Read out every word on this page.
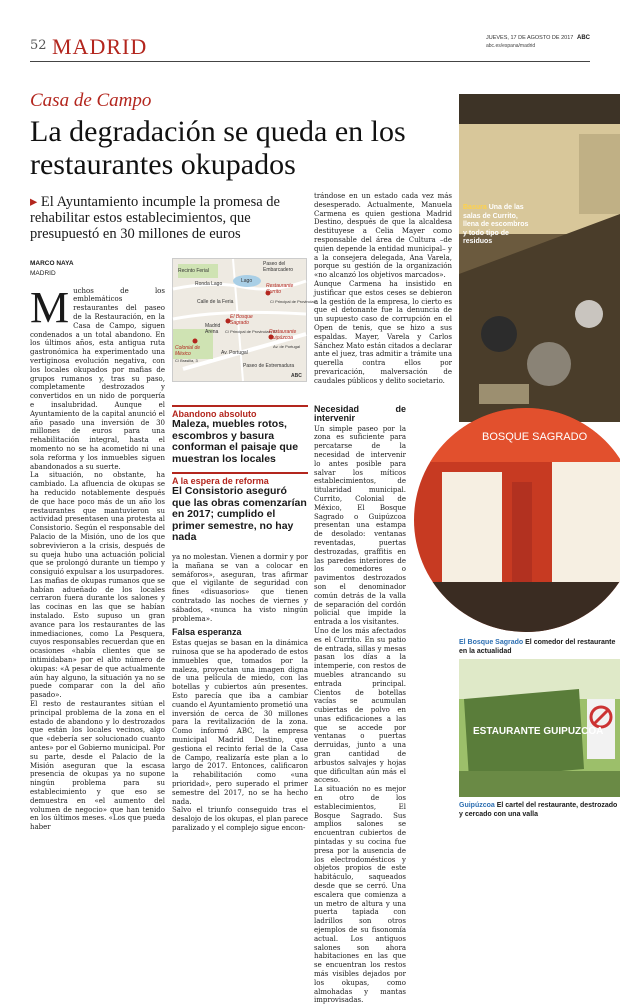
52 MADRID	JUEVES, 17 DE AGOSTO DE 2017 ABC
abc.es/espana/madrid
Casa de Campo
La degradación se queda en los restaurantes okupados
▸ El Ayuntamiento incumple la promesa de rehabilitar estos establecimientos, que presupuestó en 30 millones de euros
MARCO NAYA
MADRID
M uchos de los emblemáticos restaurantes del paseo de la Restauración, en la Casa de Campo, siguen condenados a un total abandono. En los últimos años, esta antigua ruta gastronómica ha experimentado una vertiginosa evolución negativa, con los locales okupados por mafias de grupos rumanos y, tras su paso, completamente destrozados y convertidos en un nido de porquería e insalubridad. Aunque el Ayuntamiento de la capital anunció el año pasado una inversión de 30 millones de euros para una rehabilitación integral, hasta el momento no se ha acometido ni una sola reforma y los inmuebles siguen abandonados a su suerte.
La situación, no obstante, ha cambiado. La afluencia de okupas se ha reducido notablemente después de que hace poco más de un año los restaurantes que mantuvieron su actividad presentasen una protesta al Consistorio. Según el responsable del Palacio de la Misión, uno de los que sobrevivieron a la crisis, después de su queja hubo una actuación policial que se prolongó durante un tiempo y consiguió expulsar a los usurpadores.
Las mafias de okupas rumanos que se habían adueñado de los locales cerraron fuera durante los salones y las cocinas en las que se habían instalado. Esto supuso un gran avance para los restaurantes de las inmediaciones, como La Pesquera, cuyos responsables recuerdan que en ocasiones «había clientes que se intimidaban» por el alto número de okupas: «A pesar de que actualmente aún hay alguno, la situación ya no se puede comparar con la del año pasado».
El resto de restaurantes sitúan el principal problema de la zona en el estado de abandono y lo destrozados que están los locales vecinos, algo que «debería ser solucionado cuanto antes» por el Gobierno municipal. Por su parte, desde el Palacio de la Misión aseguran que la escasa presencia de okupas ya no supone ningún problema para su establecimiento y que eso se demuestra en «el aumento del volumen de negocio» que han tenido en los últimos meses. «Los que pueda haber
Recinto Ferial
Paseo del Embarcadero
Ronda Lago	Lago
Calle de la Feria
Restaurante Currito
C/ Principal de Provincias
El Bosque Sagrado
C/ Principal de Provincias, 32
Restaurante Guipúzcoa
Av. de Portugal
Colonial de México
C/ Brasilia, 3
Madrid Arena
Av. Portugal
Paseo de Extremadura
ABC
Abandono absoluto
Maleza, muebles rotos, escombros y basura conforman el paisaje que muestran los locales
A la espera de reforma
El Consistorio aseguró que las obras comenzarían en 2017; cumplido el primer semestre, no hay nada
ya no molestan. Vienen a dormir y por la mañana se van a colocar en semáforos», aseguran, tras afirmar que el vigilante de seguridad con fines «disuasorios» que tienen contratado las noches de viernes y sábados, «nunca ha visto ningún problema».
Falsa esperanza
Estas quejas se basan en la dinámica ruinosa que se ha apoderado de estos inmuebles que, tomados por la maleza, proyectan una imagen digna de una película de miedo, con las botellas y cubiertos aún presentes. Esto parecía que iba a cambiar cuando el Ayuntamiento prometió una inversión de cerca de 30 millones para la revitalización de la zona. Como informó ABC, la empresa municipal Madrid Destino, que gestiona el recinto ferial de la Casa de Campo, realizaría este plan a lo largo de 2017. Entonces, calificaron la rehabilitación como «una prioridad», pero superado el primer semestre del 2017, no se ha hecho nada.
Salvo el triunfo conseguido tras el desalojo de los okupas, el plan parece paralizado y el complejo sigue encon-
trándose en un estado cada vez más desesperado. Actualmente, Manuela Carmena es quien gestiona Madrid Destino, después de que la alcaldesa destituyese a Celia Mayer como responsable del área de Cultura –de quien depende la entidad municipal– y a la consejera delegada, Ana Varela, porque su gestión de la organización «no alcanzó los objetivos marcados».
Aunque Carmena ha insistido en justificar que estos ceses se debieron a la gestión de la empresa, lo cierto es que el detonante fue la denuncia de un supuesto caso de corrupción en el Open de tenis, que se hizo a sus espaldas. Mayer, Varela y Carlos Sánchez Mato están citados a declarar ante el juez, tras admitir a trámite una querella contra ellos por prevaricación, malversación de caudales públicos y delito societario.
Necesidad de intervenir
Un simple paseo por la zona es suficiente para percatarse de la necesidad de intervenir lo antes posible para salvar los míticos establecimientos, de titularidad municipal. Currito, Colonial de México, El Bosque Sagrado o Guipúzcoa presentan una estampa de desolado: ventanas reventadas, puertas destrozadas, graffitis en las paredes interiores de los comedores o pavimentos destrozados son el denominador común detrás de la valla de separación del cordón policial que impide la entrada a los visitantes.
Uno de los más afectados es el Currito. En su patio de entrada, sillas y mesas pasan los días a la intemperie, con restos de muebles atrancando su entrada principal. Cientos de botellas vacías se acumulan cubiertas de polvo en unas edificaciones a las que se accede por ventanas o puertas derruidas, junto a una gran cantidad de arbustos salvajes y hojas que dificultan aún más el acceso.
La situación no es mejor en otro de los establecimientos, El Bosque Sagrado. Sus amplios salones se encuentran cubiertos de pintadas y su cocina fue presa por la ausencia de los electrodomésticos y objetos propios de este habitáculo, saqueados desde que se cerró. Una escalera que comienza a un metro de altura y una puerta tapiada con ladrillos son otros ejemplos de su fisonomía actual. Los antiguos salones son ahora habitaciones en las que se encuentran los restos más visibles dejados por los okupas, como almohadas y mantas improvisadas.
Basura Una de las salas de Currito, llena de escombros y todo tipo de residuos
BOSQUE SAGRADO
El Bosque Sagrado El comedor del restaurante en la actualidad
ESTAURANTE GUIPUZCOA
Guipúzcoa El cartel del restaurante, destrozado y cercado con una valla
